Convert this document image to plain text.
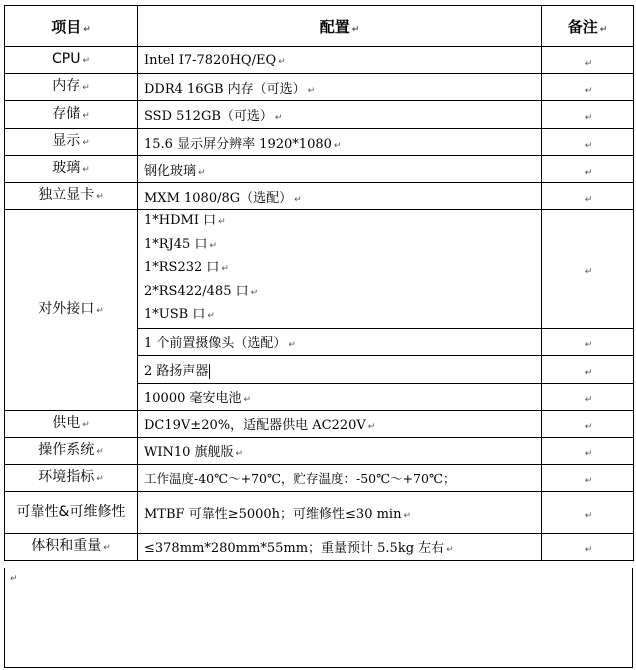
项目 ↵	配置 ↵	备注 ↵
CPU ↵	Intel I7-7820HQ/EQ ↵	↵
内存 ↵	DDR4 16GB 内存（可选） ↵	↵
存储 ↵	SSD 512GB（可选） ↵	↵
显示 ↵	15.6 显示屏分辨率 1920*1080 ↵	↵
玻璃 ↵	钢化玻璃 ↵	↵
独立显卡 ↵	MXM 1080/8G（选配） ↵	↵
对外接口 ↵	1*HDMI 口 ↵
1*RJ45 口 ↵
1*RS232 口 ↵
2*RS422/485 口 ↵
1*USB 口 ↵	↵
	1 个前置摄像头（选配） ↵	↵
	2 路扬声器	↵
	10000 毫安电池 ↵	↵
供电 ↵	DC19V±20%，适配器供电 AC220V ↵	↵
操作系统 ↵	WIN10 旗舰版 ↵	↵
环境指标 ↵	工作温度-40℃～+70℃，贮存温度：-50℃～+70℃；	↵
可靠性&可维修性	MTBF 可靠性≥5000h；可维修性≤30 min ↵	↵
体积和重量 ↵	≤378mm*280mm*55mm；重量预计 5.5kg 左右 ↵	↵
↵
